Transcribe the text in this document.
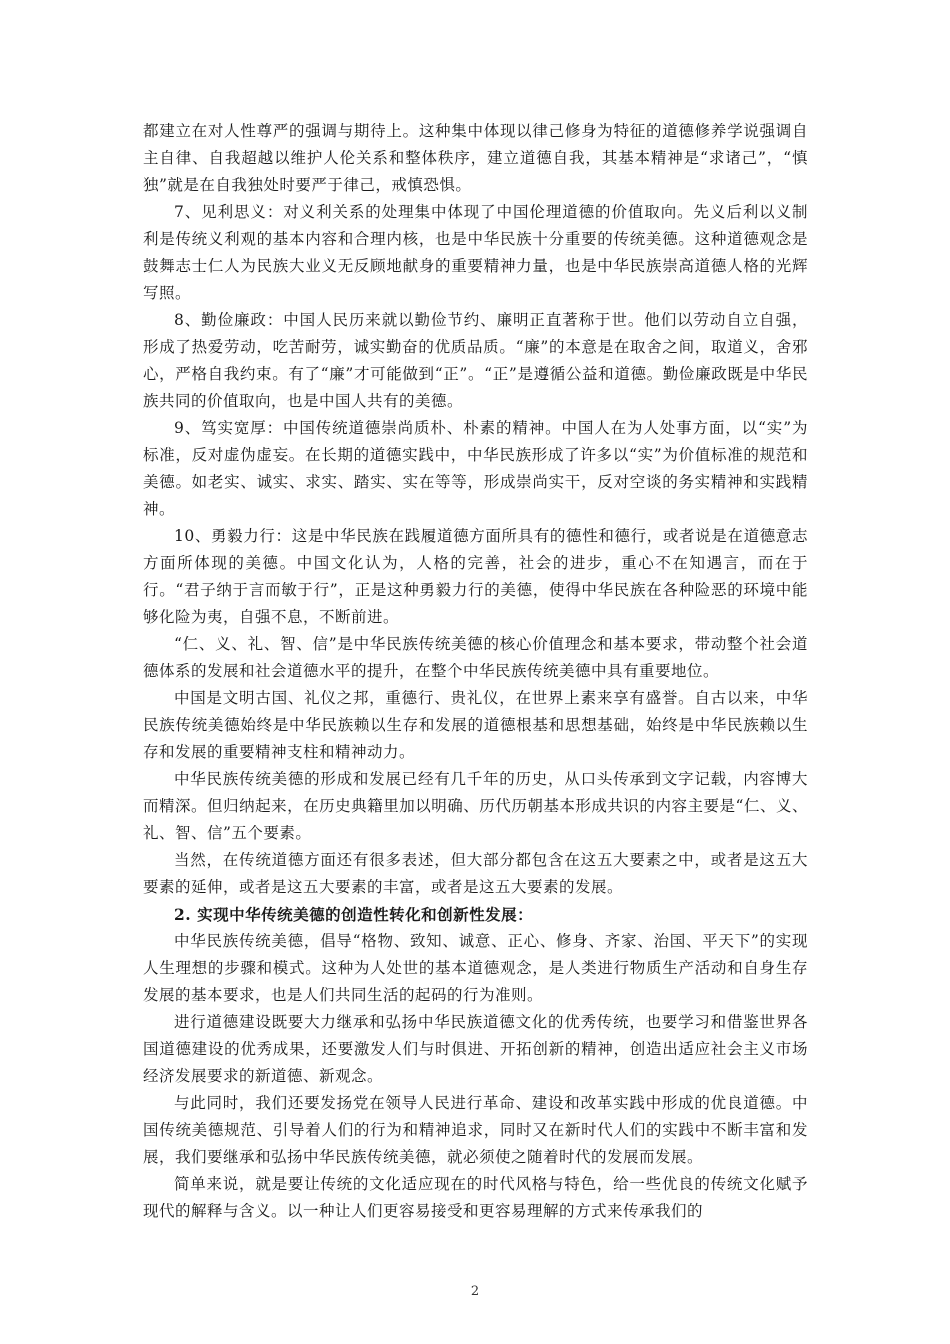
都建立在对人性尊严的强调与期待上。这种集中体现以律己修身为特征的道德修养学说强调自主自律、自我超越以维护人伦关系和整体秩序，建立道德自我，其基本精神是“求诸己”，“慎独”就是在自我独处时要严于律己，戒慎恐惧。

7、见利思义：对义利关系的处理集中体现了中国伦理道德的价值取向。先义后利以义制利是传统义利观的基本内容和合理内核，也是中华民族十分重要的传统美德。这种道德观念是鼓舞志士仁人为民族大业义无反顾地献身的重要精神力量，也是中华民族崇高道德人格的光辉写照。

8、勤俭廉政：中国人民历来就以勤俭节约、廉明正直著称于世。他们以劳动自立自强，形成了热爱劳动，吃苦耐劳，诚实勤奋的优质品质。“廉”的本意是在取舍之间，取道义，舍邪心，严格自我约束。有了“廉”才可能做到“正”。“正”是遵循公益和道德。勤俭廉政既是中华民族共同的价值取向，也是中国人共有的美德。

9、笃实宽厚：中国传统道德崇尚质朴、朴素的精神。中国人在为人处事方面，以“实”为标准，反对虚伪虚妄。在长期的道德实践中，中华民族形成了许多以“实”为价值标准的规范和美德。如老实、诚实、求实、踏实、实在等等，形成崇尚实干，反对空谈的务实精神和实践精神。

10、勇毅力行：这是中华民族在践履道德方面所具有的德性和德行，或者说是在道德意志方面所体现的美德。中国文化认为，人格的完善，社会的进步，重心不在知遇言，而在于行。“君子纳于言而敏于行”，正是这种勇毅力行的美德，使得中华民族在各种险恶的环境中能够化险为夷，自强不息，不断前进。

“仁、义、礼、智、信”是中华民族传统美德的核心价值理念和基本要求，带动整个社会道德体系的发展和社会道德水平的提升，在整个中华民族传统美德中具有重要地位。

中国是文明古国、礼仪之邦，重德行、贵礼仪，在世界上素来享有盛誉。自古以来，中华民族传统美德始终是中华民族赖以生存和发展的道德根基和思想基础，始终是中华民族赖以生存和发展的重要精神支柱和精神动力。

中华民族传统美德的形成和发展已经有几千年的历史，从口头传承到文字记载，内容博大而精深。但归纳起来，在历史典籍里加以明确、历代历朝基本形成共识的内容主要是“仁、义、礼、智、信”五个要素。

当然，在传统道德方面还有很多表述，但大部分都包含在这五大要素之中，或者是这五大要素的延伸，或者是这五大要素的丰富，或者是这五大要素的发展。

2. 实现中华传统美德的创造性转化和创新性发展：

中华民族传统美德，倡导“格物、致知、诚意、正心、修身、齐家、治国、平天下”的实现人生理想的步骤和模式。这种为人处世的基本道德观念，是人类进行物质生产活动和自身生存发展的基本要求，也是人们共同生活的起码的行为准则。

进行道德建设既要大力继承和弘扬中华民族道德文化的优秀传统，也要学习和借鉴世界各国道德建设的优秀成果，还要激发人们与时俱进、开拓创新的精神，创造出适应社会主义市场经济发展要求的新道德、新观念。

与此同时，我们还要发扬党在领导人民进行革命、建设和改革实践中形成的优良道德。中国传统美德规范、引导着人们的行为和精神追求，同时又在新时代人们的实践中不断丰富和发展，我们要继承和弘扬中华民族传统美德，就必须使之随着时代的发展而发展。

简单来说，就是要让传统的文化适应现在的时代风格与特色，给一些优良的传统文化赋予现代的解释与含义。以一种让人们更容易接受和更容易理解的方式来传承我们的

2
